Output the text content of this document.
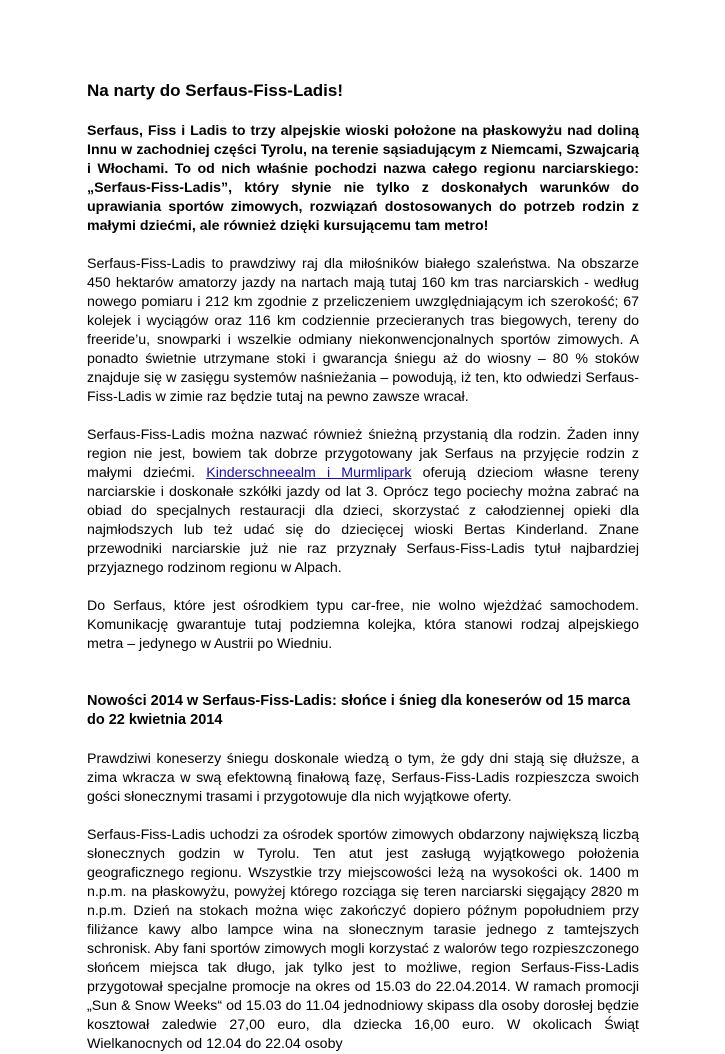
Na narty do Serfaus-Fiss-Ladis!

Serfaus, Fiss i Ladis to trzy alpejskie wioski położone na płaskowyżu nad doliną Innu w zachodniej części Tyrolu, na terenie sąsiadującym z Niemcami, Szwajcarią i Włochami. To od nich właśnie pochodzi nazwa całego regionu narciarskiego: „Serfaus-Fiss-Ladis”, który słynie nie tylko z doskonałych warunków do uprawiania sportów zimowych, rozwiązań dostosowanych do potrzeb rodzin z małymi dziećmi, ale również dzięki kursującemu tam metro!

Serfaus-Fiss-Ladis to prawdziwy raj dla miłośników białego szaleństwa. Na obszarze 450 hektarów amatorzy jazdy na nartach mają tutaj 160 km tras narciarskich - według nowego pomiaru i 212 km zgodnie z przeliczeniem uwzględniającym ich szerokość; 67 kolejek i wyciągów oraz 116 km codziennie przecieranych tras biegowych, tereny do freeride’u, snowparki i wszelkie odmiany niekonwencjonalnych sportów zimowych. A ponadto świetnie utrzymane stoki i gwarancja śniegu aż do wiosny – 80 % stoków znajduje się w zasięgu systemów naśnieżania – powodują, iż ten, kto odwiedzi Serfaus-Fiss-Ladis w zimie raz będzie tutaj na pewno zawsze wracał.

Serfaus-Fiss-Ladis można nazwać również śnieżną przystanią dla rodzin. Żaden inny region nie jest, bowiem tak dobrze przygotowany jak Serfaus na przyjęcie rodzin z małymi dziećmi. Kinderschneealm i Murmlipark oferują dzieciom własne tereny narciarskie i doskonałe szkółki jazdy od lat 3. Oprócz tego pociechy można zabrać na obiad do specjalnych restauracji dla dzieci, skorzystać z całodziennej opieki dla najmłodszych lub też udać się do dziecięcej wioski Bertas Kinderland. Znane przewodniki narciarskie już nie raz przyznały Serfaus-Fiss-Ladis tytuł najbardziej przyjaznego rodzinom regionu w Alpach.

Do Serfaus, które jest ośrodkiem typu car-free, nie wolno wjeżdżać samochodem. Komunikację gwarantuje tutaj podziemna kolejka, która stanowi rodzaj alpejskiego metra – jedynego w Austrii po Wiedniu.

Nowości 2014 w Serfaus-Fiss-Ladis: słońce i śnieg dla koneserów od 15 marca do 22 kwietnia 2014

Prawdziwi koneserzy śniegu doskonale wiedzą o tym, że gdy dni stają się dłuższe, a zima wkracza w swą efektowną finałową fazę, Serfaus-Fiss-Ladis rozpieszcza swoich gości słonecznymi trasami i przygotowuje dla nich wyjątkowe oferty.

Serfaus-Fiss-Ladis uchodzi za ośrodek sportów zimowych obdarzony największą liczbą słonecznych godzin w Tyrolu. Ten atut jest zasługą wyjątkowego położenia geograficznego regionu. Wszystkie trzy miejscowości leżą na wysokości ok. 1400 m n.p.m. na płaskowyżu, powyżej którego rozciąga się teren narciarski sięgający 2820 m n.p.m. Dzień na stokach można więc zakończyć dopiero późnym popołudniem przy filiżance kawy albo lampce wina na słonecznym tarasie jednego z tamtejszych schronisk. Aby fani sportów zimowych mogli korzystać z walorów tego rozpieszczonego słońcem miejsca tak długo, jak tylko jest to możliwe, region Serfaus-Fiss-Ladis przygotował specjalne promocje na okres od 15.03 do 22.04.2014. W ramach promocji „Sun & Snow Weeks“ od 15.03 do 11.04 jednodniowy skipass dla osoby dorosłej będzie kosztował zaledwie 27,00 euro, dla dziecka 16,00 euro. W okolicach Świąt Wielkanocnych od 12.04 do 22.04 osoby
